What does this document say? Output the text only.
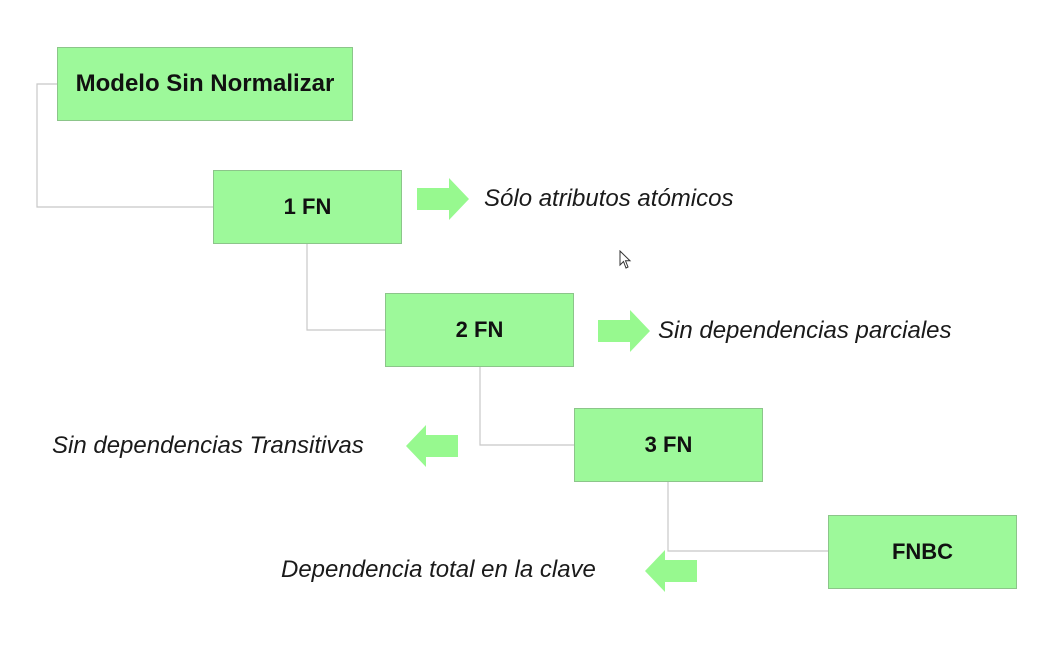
Modelo Sin Normalizar
1 FN
2 FN
3 FN
FNBC
Sólo atributos atómicos
Sin dependencias parciales
Sin dependencias Transitivas
Dependencia total en la clave
